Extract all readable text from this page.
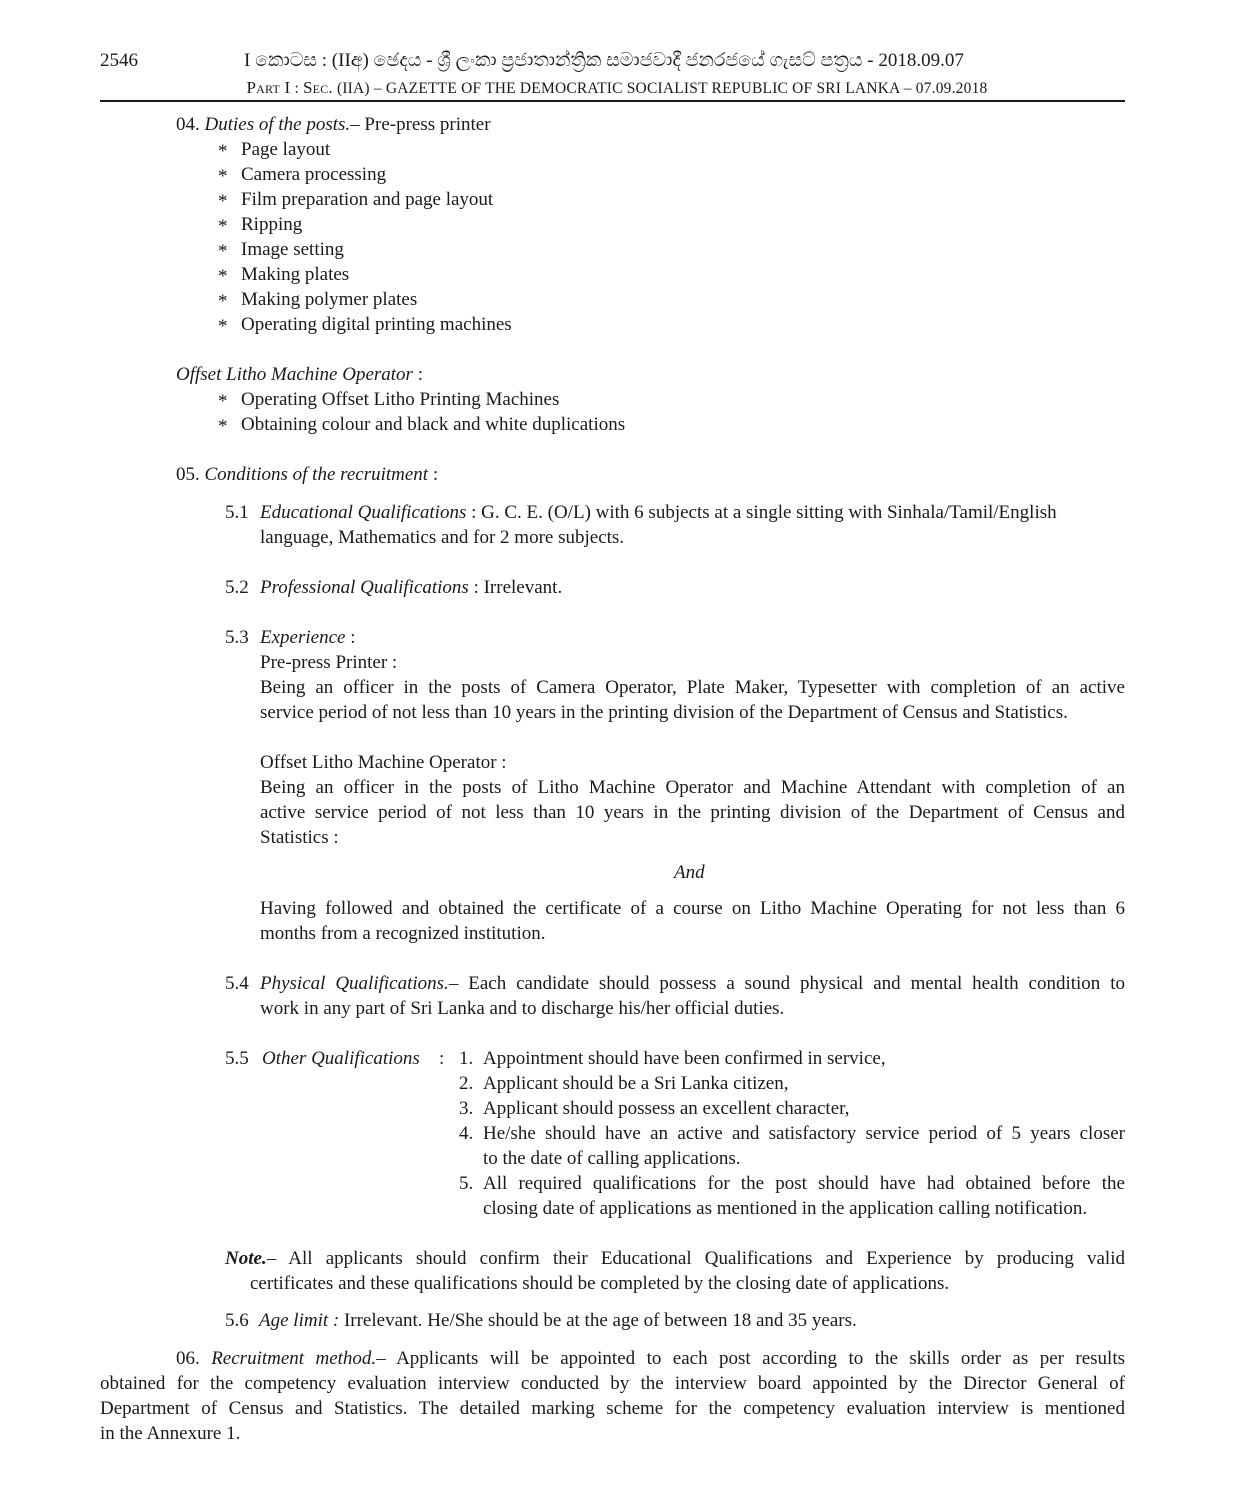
2546	I කොටස : (IIඅ) ඡෙදය - ශ්‍රී ලංකා ප්‍රජාතාන්ත්‍රික සමාජවාදී ජනරජයේ ගැසට් පත්‍රය - 2018.09.07
Part I : Sec. (IIA) – GAZETTE OF THE DEMOCRATIC SOCIALIST REPUBLIC OF SRI LANKA – 07.09.2018
04. Duties of the posts.– Pre-press printer
* Page layout
* Camera processing
* Film preparation and page layout
* Ripping
* Image setting
* Making plates
* Making polymer plates
* Operating digital printing machines
Offset Litho Machine Operator :
* Operating Offset Litho Printing Machines
* Obtaining colour and black and white duplications
05. Conditions of the recruitment :
5.1 Educational Qualifications : G. C. E. (O/L) with 6 subjects at a single sitting with Sinhala/Tamil/English
language, Mathematics and for 2 more subjects.
5.2 Professional Qualifications : Irrelevant.
5.3 Experience :
Pre-press Printer :
Being an officer in the posts of Camera Operator, Plate Maker, Typesetter with completion of an active
service period of not less than 10 years in the printing division of the Department of Census and Statistics.
Offset Litho Machine Operator :
Being an officer in the posts of Litho Machine Operator and Machine Attendant with completion of an
active service period of not less than 10 years in the printing division of the Department of Census and
Statistics :
And
Having followed and obtained the certificate of a course on Litho Machine Operating for not less than 6
months from a recognized institution.
5.4 Physical Qualifications.– Each candidate should possess a sound physical and mental health condition to
work in any part of Sri Lanka and to discharge his/her official duties.
5.5 Other Qualifications : 1. Appointment should have been confirmed in service,
2. Applicant should be a Sri Lanka citizen,
3. Applicant should possess an excellent character,
4. He/she should have an active and satisfactory service period of 5 years closer
to the date of calling applications.
5. All required qualifications for the post should have had obtained before the
closing date of applications as mentioned in the application calling notification.
Note.– All applicants should confirm their Educational Qualifications and Experience by producing valid
certificates and these qualifications should be completed by the closing date of applications.
5.6 Age limit : Irrelevant. He/She should be at the age of between 18 and 35 years.
06. Recruitment method.– Applicants will be appointed to each post according to the skills order as per results
obtained for the competency evaluation interview conducted by the interview board appointed by the Director General of
Department of Census and Statistics. The detailed marking scheme for the competency evaluation interview is mentioned
in the Annexure 1.
